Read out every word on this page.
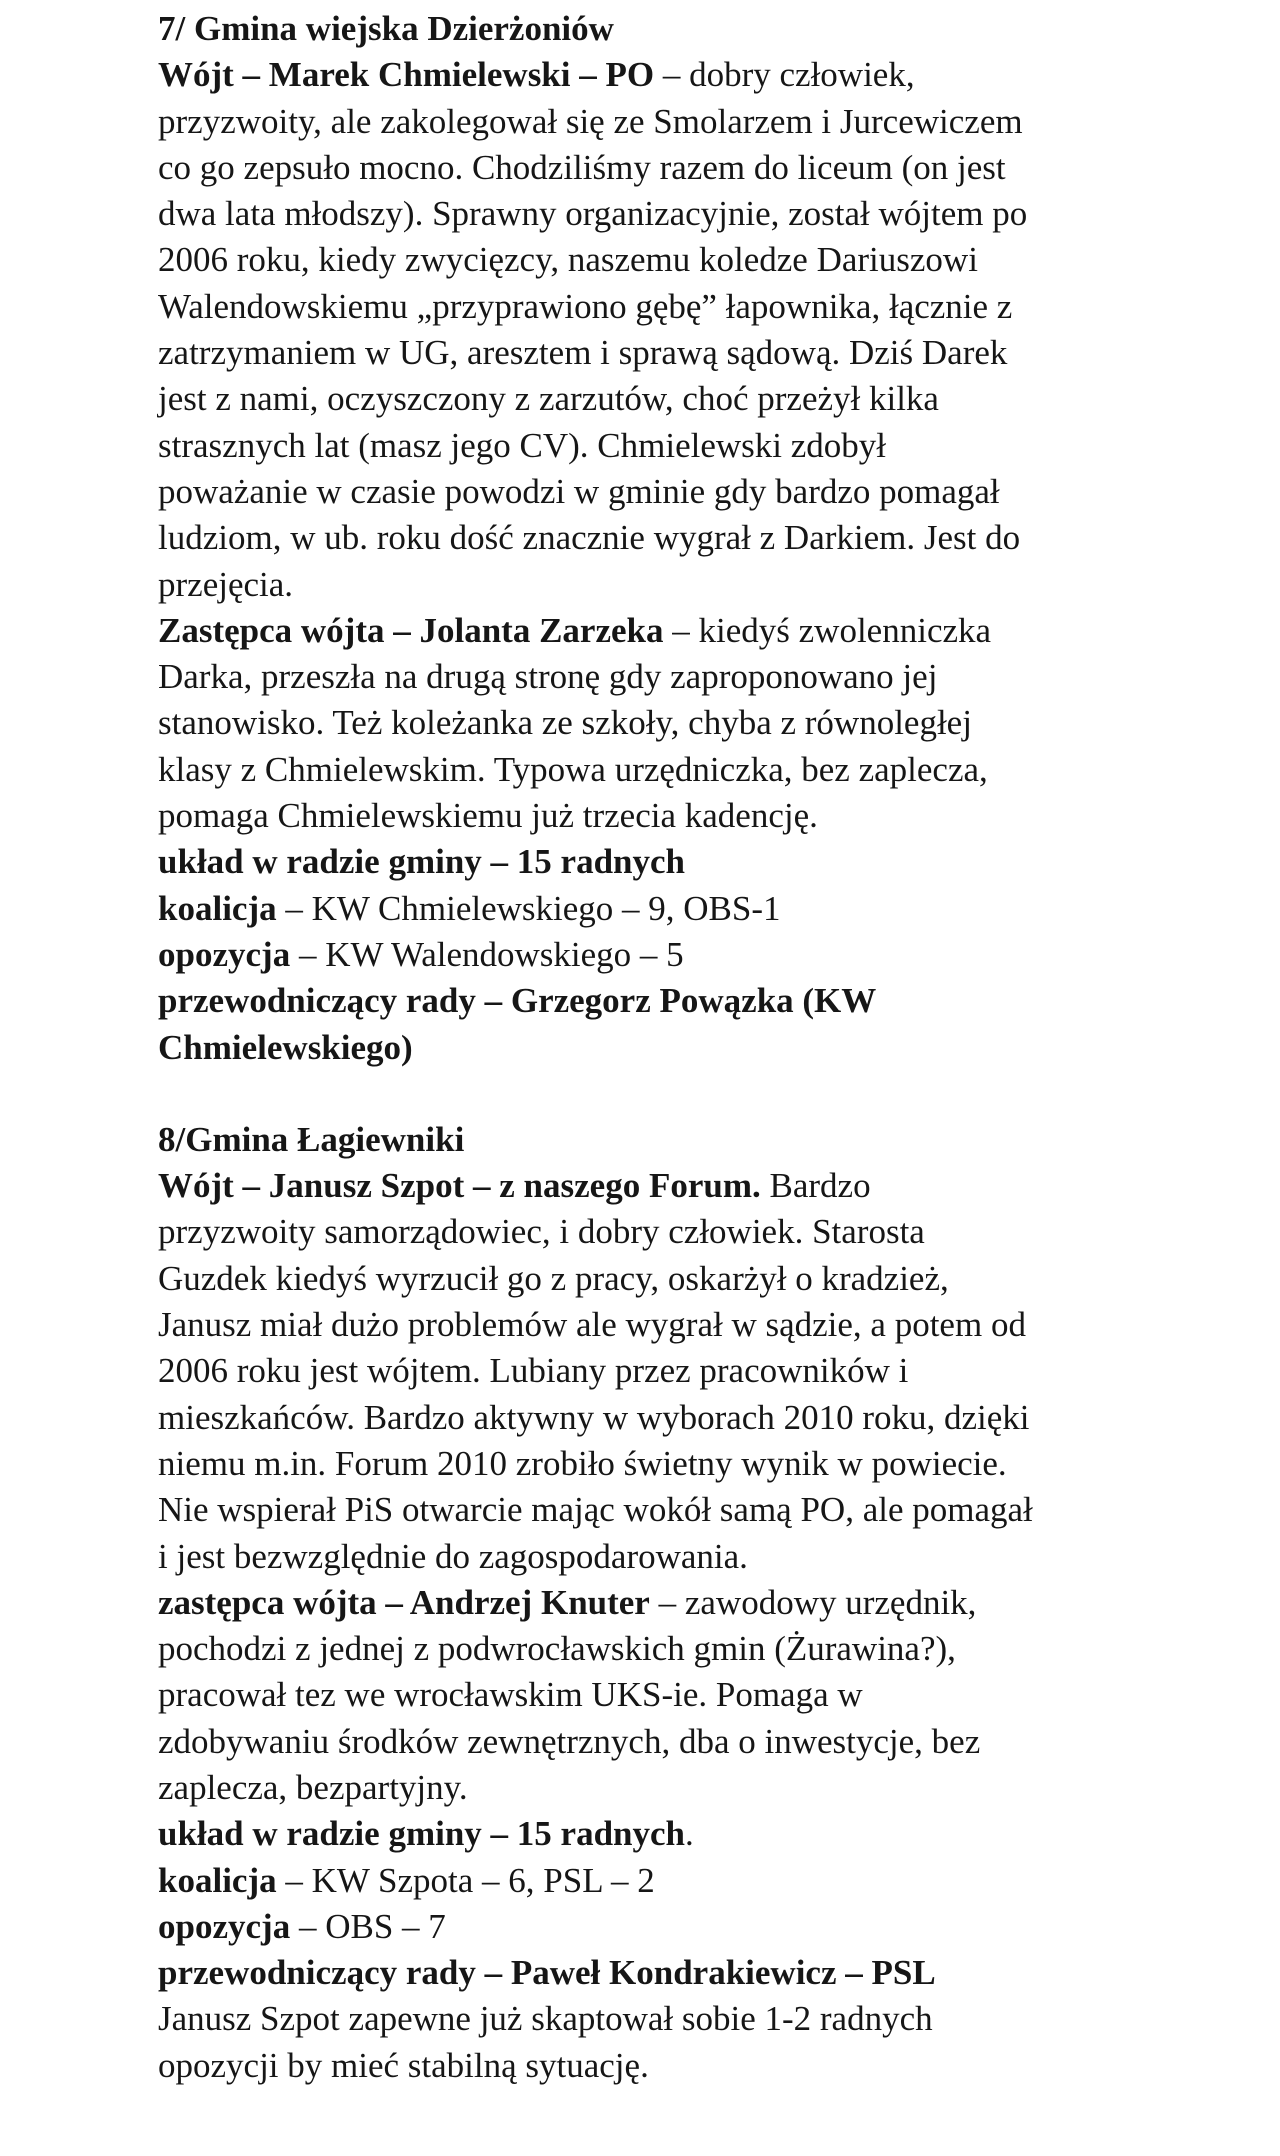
7/ Gmina wiejska Dzierżoniów
Wójt – Marek Chmielewski – PO – dobry człowiek,
przyzwoity, ale zakolegował się ze Smolarzem i Jurcewiczem
co go zepsuło mocno. Chodziliśmy razem do liceum (on jest
dwa lata młodszy). Sprawny organizacyjnie, został wójtem po
2006 roku, kiedy zwycięzcy, naszemu koledze Dariuszowi
Walendowskiemu „przyprawiono gębę” łapownika, łącznie z
zatrzymaniem w UG, aresztem i sprawą sądową. Dziś Darek
jest z nami, oczyszczony z zarzutów, choć przeżył kilka
strasznych lat (masz jego CV). Chmielewski zdobył
poważanie w czasie powodzi w gminie gdy bardzo pomagał
ludziom, w ub. roku dość znacznie wygrał z Darkiem. Jest do
przejęcia.
Zastępca wójta – Jolanta Zarzeka – kiedyś zwolenniczka
Darka, przeszła na drugą stronę gdy zaproponowano jej
stanowisko. Też koleżanka ze szkoły, chyba z równoległej
klasy z Chmielewskim. Typowa urzędniczka, bez zaplecza,
pomaga Chmielewskiemu już trzecia kadencję.
układ w radzie gminy – 15 radnych
koalicja – KW Chmielewskiego – 9, OBS-1
opozycja – KW Walendowskiego – 5
przewodniczący rady – Grzegorz Powązka (KW
Chmielewskiego)
8/Gmina Łagiewniki
Wójt – Janusz Szpot – z naszego Forum. Bardzo
przyzwoity samorządowiec, i dobry człowiek. Starosta
Guzdek kiedyś wyrzucił go z pracy, oskarżył o kradzież,
Janusz miał dużo problemów ale wygrał w sądzie, a potem od
2006 roku jest wójtem. Lubiany przez pracowników i
mieszkańców. Bardzo aktywny w wyborach 2010 roku, dzięki
niemu m.in. Forum 2010 zrobiło świetny wynik w powiecie.
Nie wspierał PiS otwarcie mając wokół samą PO, ale pomagał
i jest bezwzględnie do zagospodarowania.
zastępca wójta – Andrzej Knuter – zawodowy urzędnik,
pochodzi z jednej z podwrocławskich gmin (Żurawina?),
pracował tez we wrocławskim UKS-ie. Pomaga w
zdobywaniu środków zewnętrznych, dba o inwestycje, bez
zaplecza, bezpartyjny.
układ w radzie gminy – 15 radnych.
koalicja – KW Szpota – 6, PSL – 2
opozycja – OBS – 7
przewodniczący rady – Paweł Kondrakiewicz – PSL
Janusz Szpot zapewne już skaptował sobie 1-2 radnych
opozycji by mieć stabilną sytuację.
